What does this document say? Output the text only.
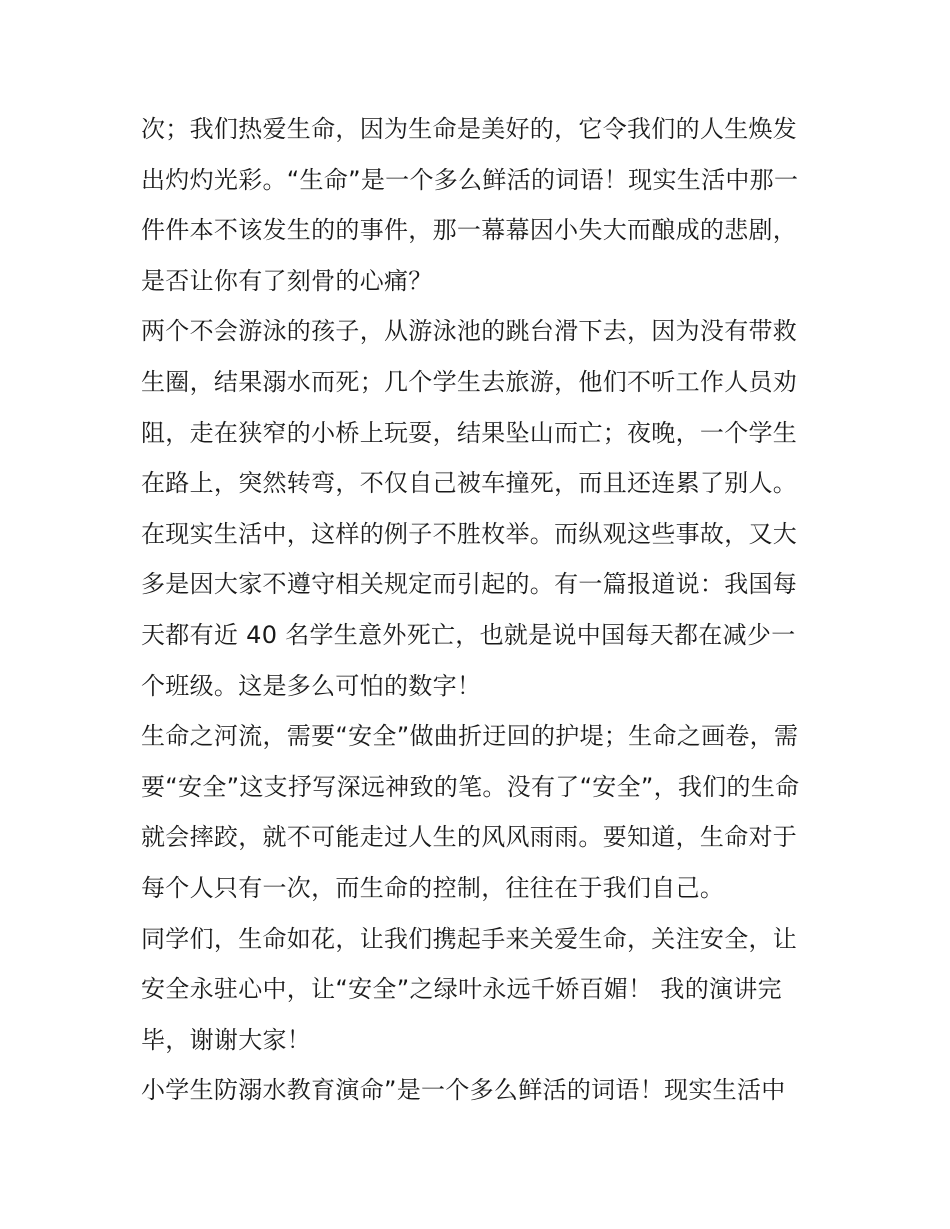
次；我们热爱生命，因为生命是美好的，它令我们的人生焕发
出灼灼光彩。“生命”是一个多么鲜活的词语！现实生活中那一
件件本不该发生的的事件，那一幕幕因小失大而酿成的悲剧，
是否让你有了刻骨的心痛？
两个不会游泳的孩子，从游泳池的跳台滑下去，因为没有带救
生圈，结果溺水而死；几个学生去旅游，他们不听工作人员劝
阻，走在狭窄的小桥上玩耍，结果坠山而亡；夜晚，一个学生
在路上，突然转弯，不仅自己被车撞死，而且还连累了别人。
在现实生活中，这样的例子不胜枚举。而纵观这些事故，又大
多是因大家不遵守相关规定而引起的。有一篇报道说：我国每
天都有近 40 名学生意外死亡，也就是说中国每天都在减少一
个班级。这是多么可怕的数字！
生命之河流，需要“安全”做曲折迂回的护堤；生命之画卷，需
要“安全”这支抒写深远神致的笔。没有了“安全”，我们的生命
就会摔跤，就不可能走过人生的风风雨雨。要知道，生命对于
每个人只有一次，而生命的控制，往往在于我们自己。
同学们，生命如花，让我们携起手来关爱生命，关注安全，让
安全永驻心中，让“安全”之绿叶永远千娇百媚！ 我的演讲完
毕，谢谢大家！
小学生防溺水教育演命”是一个多么鲜活的词语！现实生活中
